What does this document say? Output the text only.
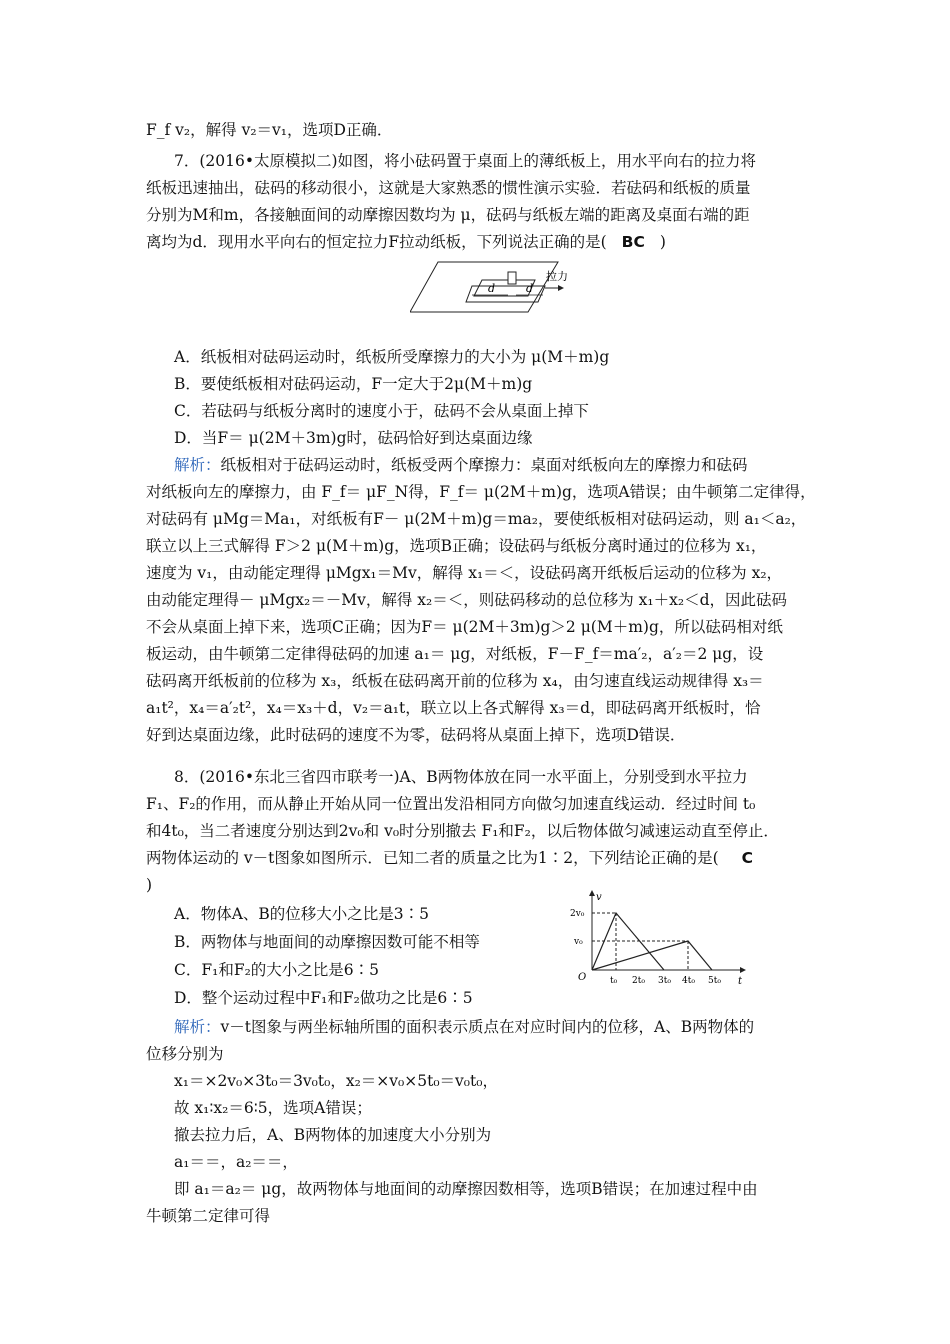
F_f v₂，解得 v₂＝v₁，选项D正确．
7．(2016•太原模拟二)如图，将小砝码置于桌面上的薄纸板上，用水平向右的拉力将
纸板迅速抽出，砝码的移动很小，这就是大家熟悉的惯性演示实验．若砝码和纸板的质量
分别为M和m，各接触面间的动摩擦因数均为 μ，砝码与纸板左端的距离及桌面右端的距
离均为d．现用水平向右的恒定拉力F拉动纸板，下列说法正确的是( BC )
d	d
拉力
A．纸板相对砝码运动时，纸板所受摩擦力的大小为 μ(M＋m)g
B．要使纸板相对砝码运动，F一定大于2μ(M＋m)g
C．若砝码与纸板分离时的速度小于，砝码不会从桌面上掉下
D．当F＝ μ(2M＋3m)g时，砝码恰好到达桌面边缘
解析：纸板相对于砝码运动时，纸板受两个摩擦力：桌面对纸板向左的摩擦力和砝码
对纸板向左的摩擦力，由 F_f＝ μF_N得，F_f＝ μ(2M＋m)g，选项A错误；由牛顿第二定律得，
对砝码有 μMg＝Ma₁，对纸板有F－ μ(2M＋m)g＝ma₂，要使纸板相对砝码运动，则 a₁＜a₂，
联立以上三式解得 F＞2 μ(M＋m)g，选项B正确；设砝码与纸板分离时通过的位移为 x₁，
速度为 v₁，由动能定理得 μMgx₁＝Mv，解得 x₁＝＜，设砝码离开纸板后运动的位移为 x₂，
由动能定理得－ μMgx₂＝－Mv，解得 x₂＝＜，则砝码移动的总位移为 x₁＋x₂＜d，因此砝码
不会从桌面上掉下来，选项C正确；因为F＝ μ(2M＋3m)g＞2 μ(M＋m)g，所以砝码相对纸
板运动，由牛顿第二定律得砝码的加速 a₁＝ μg，对纸板，F－F_f＝ma′₂，a′₂＝2 μg，设
砝码离开纸板前的位移为 x₃，纸板在砝码离开前的位移为 x₄，由匀速直线运动规律得 x₃＝
a₁t²，x₄＝a′₂t²，x₄＝x₃＋d，v₂＝a₁t，联立以上各式解得 x₃＝d，即砝码离开纸板时，恰
好到达桌面边缘，此时砝码的速度不为零，砝码将从桌面上掉下，选项D错误．
8．(2016•东北三省四市联考一)A、B两物体放在同一水平面上，分别受到水平拉力
F₁、F₂的作用，而从静止开始从同一位置出发沿相同方向做匀加速直线运动．经过时间 t₀
和4t₀，当二者速度分别达到2v₀和 v₀时分别撤去 F₁和F₂，以后物体做匀减速运动直至停止．
两物体运动的 v－t图象如图所示．已知二者的质量之比为1∶2，下列结论正确的是( C
)
A．物体A、B的位移大小之比是3∶5
B．两物体与地面间的动摩擦因数可能不相等
C．F₁和F₂的大小之比是6∶5
D．整个运动过程中F₁和F₂做功之比是6∶5
v
t
O
2v₀
v₀
t₀ 2t₀ 3t₀ 4t₀ 5t₀
解析：v－t图象与两坐标轴所围的面积表示质点在对应时间内的位移，A、B两物体的
位移分别为
x₁＝×2v₀×3t₀＝3v₀t₀，x₂＝×v₀×5t₀＝v₀t₀，
故 x₁∶x₂＝6∶5，选项A错误；
撤去拉力后，A、B两物体的加速度大小分别为
a₁＝＝，a₂＝＝，
即 a₁＝a₂＝ μg，故两物体与地面间的动摩擦因数相等，选项B错误；在加速过程中由
牛顿第二定律可得
